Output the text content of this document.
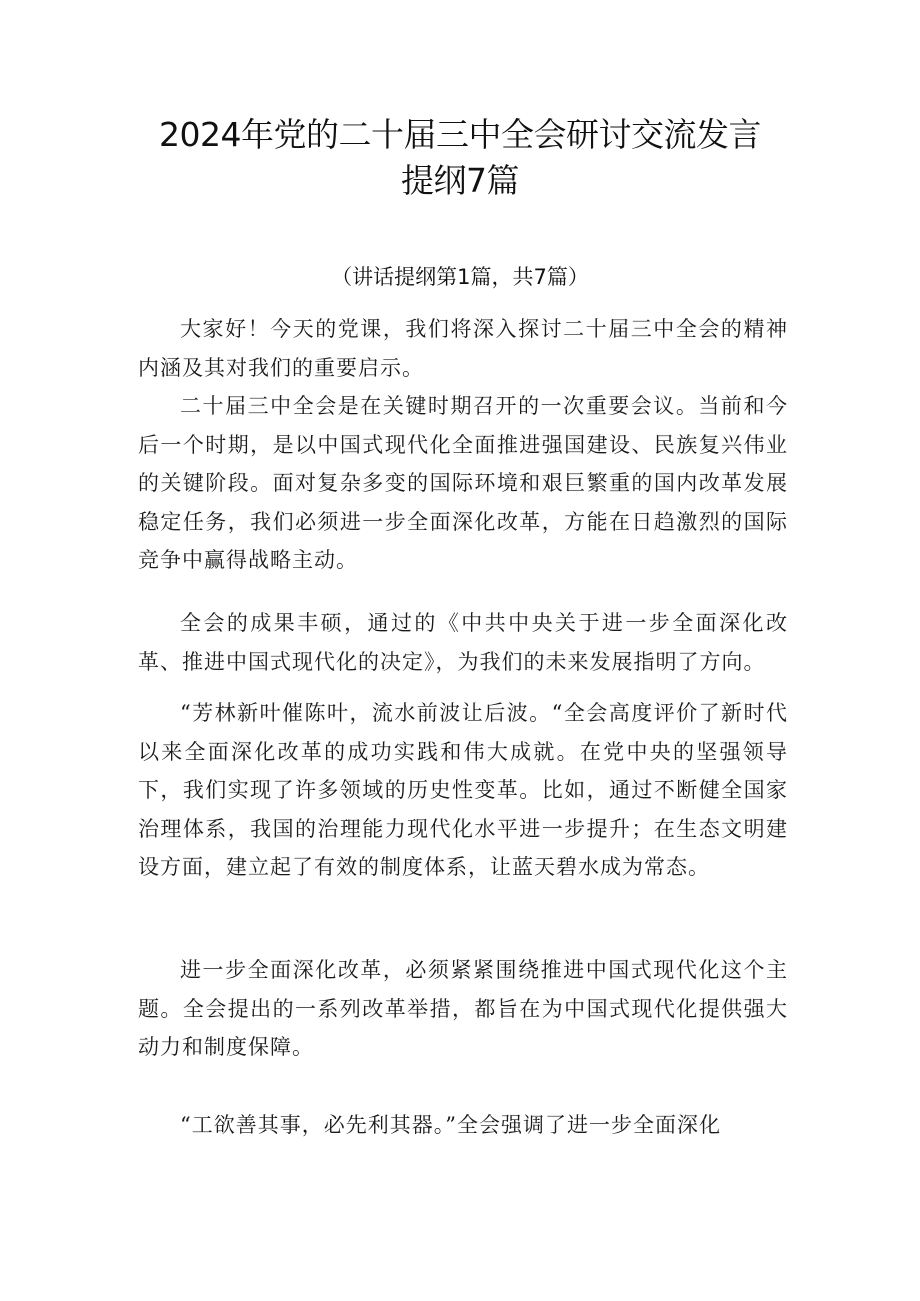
2024年党的二十届三中全会研讨交流发言
提纲7篇

（讲话提纲第1篇，共7篇）

大家好！今天的党课，我们将深入探讨二十届三中全会的精神内涵及其对我们的重要启示。

二十届三中全会是在关键时期召开的一次重要会议。当前和今后一个时期，是以中国式现代化全面推进强国建设、民族复兴伟业的关键阶段。面对复杂多变的国际环境和艰巨繁重的国内改革发展稳定任务，我们必须进一步全面深化改革，方能在日趋激烈的国际竞争中赢得战略主动。

全会的成果丰硕，通过的《中共中央关于进一步全面深化改革、推进中国式现代化的决定》，为我们的未来发展指明了方向。

“芳林新叶催陈叶，流水前波让后波。“全会高度评价了新时代以来全面深化改革的成功实践和伟大成就。在党中央的坚强领导下，我们实现了许多领域的历史性变革。比如，通过不断健全国家治理体系，我国的治理能力现代化水平进一步提升；在生态文明建设方面，建立起了有效的制度体系，让蓝天碧水成为常态。

进一步全面深化改革，必须紧紧围绕推进中国式现代化这个主题。全会提出的一系列改革举措，都旨在为中国式现代化提供强大动力和制度保障。

“工欲善其事，必先利其器。”全会强调了进一步全面深化
